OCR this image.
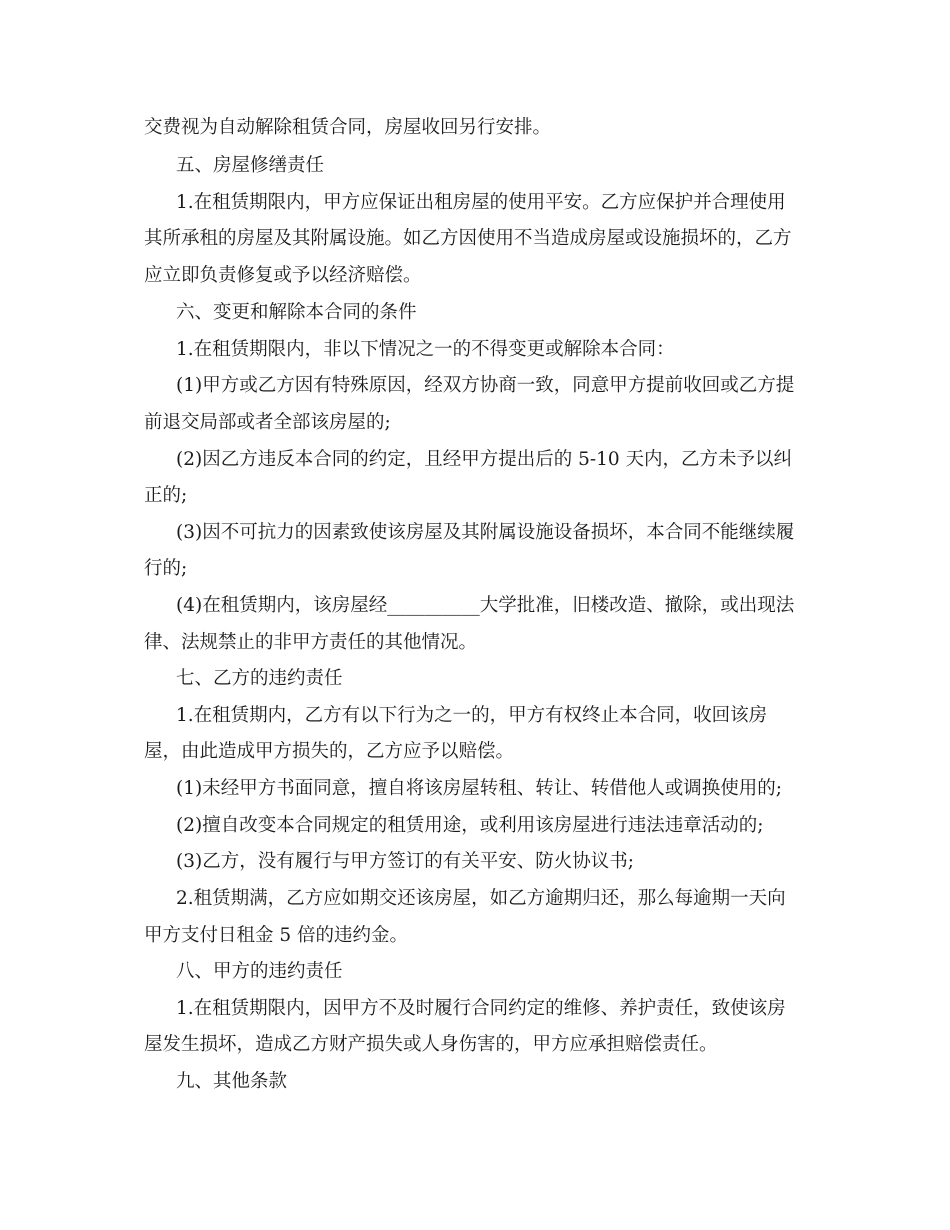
交费视为自动解除租赁合同，房屋收回另行安排。
五、房屋修缮责任
1.在租赁期限内，甲方应保证出租房屋的使用平安。乙方应保护并合理使用
其所承租的房屋及其附属设施。如乙方因使用不当造成房屋或设施损坏的，乙方
应立即负责修复或予以经济赔偿。
六、变更和解除本合同的条件
1.在租赁期限内，非以下情况之一的不得变更或解除本合同：
(1)甲方或乙方因有特殊原因，经双方协商一致，同意甲方提前收回或乙方提
前退交局部或者全部该房屋的;
(2)因乙方违反本合同的约定，且经甲方提出后的 5-10 天内，乙方未予以纠
正的;
(3)因不可抗力的因素致使该房屋及其附属设施设备损坏，本合同不能继续履
行的;
(4)在租赁期内，该房屋经__________大学批准，旧楼改造、撤除，或出现法
律、法规禁止的非甲方责任的其他情况。
七、乙方的违约责任
1.在租赁期内，乙方有以下行为之一的，甲方有权终止本合同，收回该房
屋，由此造成甲方损失的，乙方应予以赔偿。
(1)未经甲方书面同意，擅自将该房屋转租、转让、转借他人或调换使用的;
(2)擅自改变本合同规定的租赁用途，或利用该房屋进行违法违章活动的;
(3)乙方，没有履行与甲方签订的有关平安、防火协议书;
2.租赁期满，乙方应如期交还该房屋，如乙方逾期归还，那么每逾期一天向
甲方支付日租金 5 倍的违约金。
八、甲方的违约责任
1.在租赁期限内，因甲方不及时履行合同约定的维修、养护责任，致使该房
屋发生损坏，造成乙方财产损失或人身伤害的，甲方应承担赔偿责任。
九、其他条款
